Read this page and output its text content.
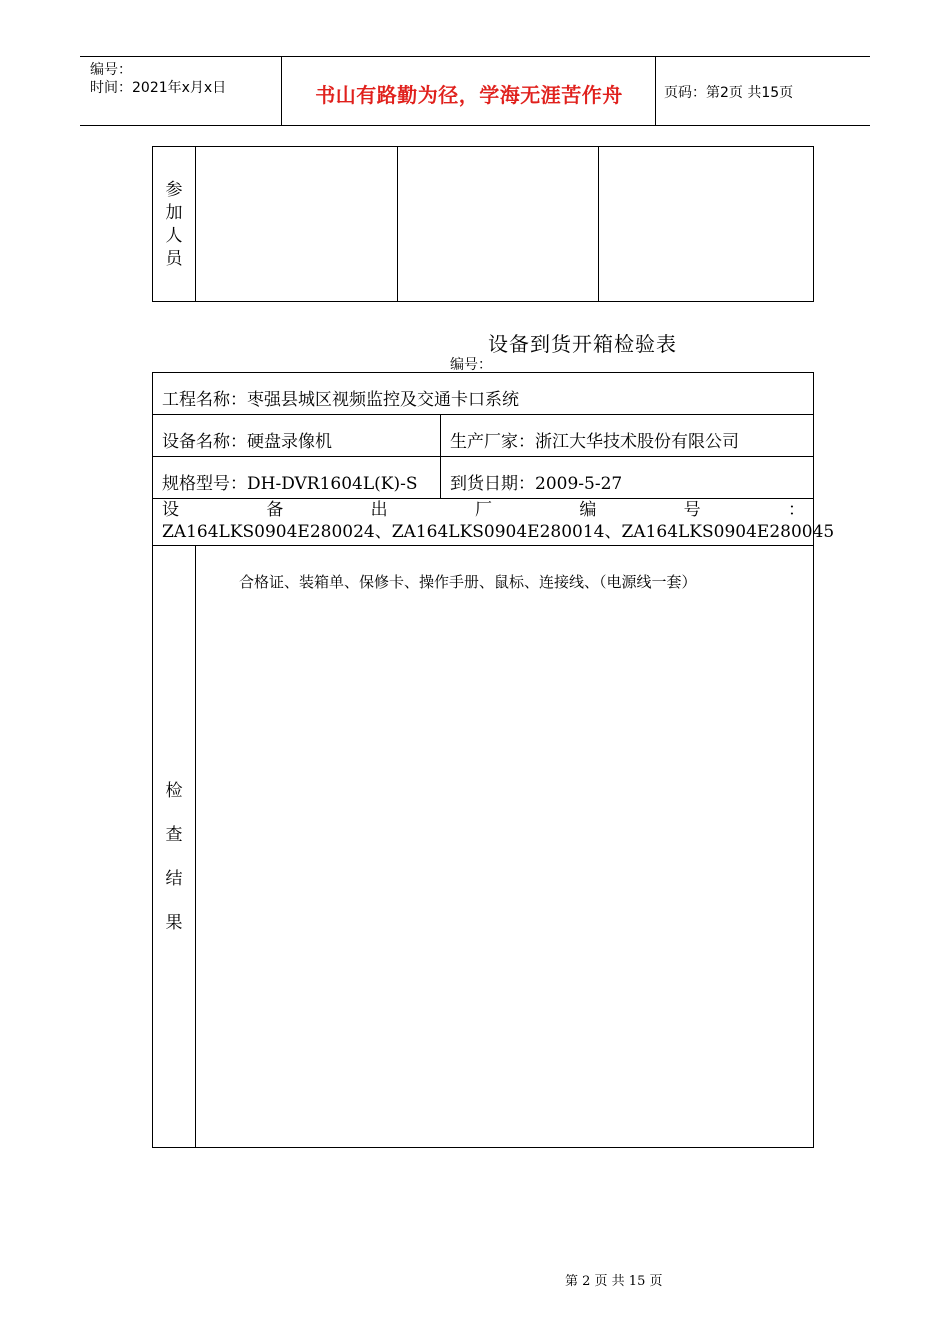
编号：
时间：2021年x月x日	书山有路勤为径，学海无涯苦作舟	页码：第2页 共15页
参
加
人
员
设备到货开箱检验表
编号：
工程名称：枣强县城区视频监控及交通卡口系统
设备名称：硬盘录像机	生产厂家：浙江大华技术股份有限公司
规格型号：DH-DVR1604L(K)-S 到货日期：2009-5-27
设	备	出	厂	编	号	：
ZA164LKS0904E280024、ZA164LKS0904E280014、ZA164LKS0904E280045
检
查
结
果
合格证、装箱单、保修卡、操作手册、鼠标、连接线、（电源线一套）
第 2 页 共 15 页
